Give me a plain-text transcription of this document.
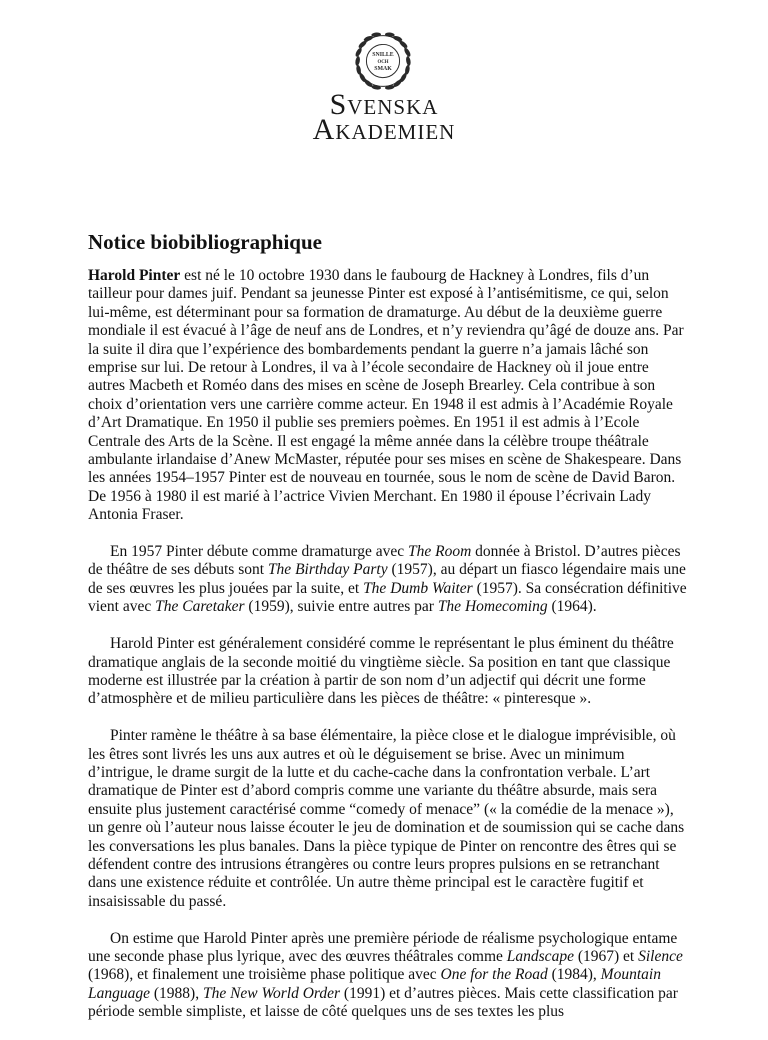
SNILLE
OCH
SMAK
Svenska
Akademien
Notice biobibliographique

Harold Pinter est né le 10 octobre 1930 dans le faubourg de Hackney à Londres, fils d’un tailleur pour dames juif. Pendant sa jeunesse Pinter est exposé à l’antisémitisme, ce qui, selon lui-même, est déterminant pour sa formation de dramaturge. Au début de la deuxième guerre mondiale il est évacué à l’âge de neuf ans de Londres, et n’y reviendra qu’âgé de douze ans. Par la suite il dira que l’expérience des bombardements pendant la guerre n’a jamais lâché son emprise sur lui. De retour à Londres, il va à l’école secondaire de Hackney où il joue entre autres Macbeth et Roméo dans des mises en scène de Joseph Brearley. Cela contribue à son choix d’orientation vers une carrière comme acteur. En 1948 il est admis à l’Académie Royale d’Art Dramatique. En 1950 il publie ses premiers poèmes. En 1951 il est admis à l’Ecole Centrale des Arts de la Scène. Il est engagé la même année dans la célèbre troupe théâtrale ambulante irlandaise d’Anew McMaster, réputée pour ses mises en scène de Shakespeare. Dans les années 1954–1957 Pinter est de nouveau en tournée, sous le nom de scène de David Baron. De 1956 à 1980 il est marié à l’actrice Vivien Merchant. En 1980 il épouse l’écrivain Lady Antonia Fraser.

En 1957 Pinter débute comme dramaturge avec The Room donnée à Bristol. D’autres pièces de théâtre de ses débuts sont The Birthday Party (1957), au départ un fiasco légendaire mais une de ses œuvres les plus jouées par la suite, et The Dumb Waiter (1957). Sa consécration définitive vient avec The Caretaker (1959), suivie entre autres par The Homecoming (1964).

Harold Pinter est généralement considéré comme le représentant le plus éminent du théâtre dramatique anglais de la seconde moitié du vingtième siècle. Sa position en tant que classique moderne est illustrée par la création à partir de son nom d’un adjectif qui décrit une forme d’atmosphère et de milieu particulière dans les pièces de théâtre: « pinteresque ».

Pinter ramène le théâtre à sa base élémentaire, la pièce close et le dialogue imprévisible, où les êtres sont livrés les uns aux autres et où le déguisement se brise. Avec un minimum d’intrigue, le drame surgit de la lutte et du cache-cache dans la confrontation verbale. L’art dramatique de Pinter est d’abord compris comme une variante du théâtre absurde, mais sera ensuite plus justement caractérisé comme “comedy of menace” (« la comédie de la menace »), un genre où l’auteur nous laisse écouter le jeu de domination et de soumission qui se cache dans les conversations les plus banales. Dans la pièce typique de Pinter on rencontre des êtres qui se défendent contre des intrusions étrangères ou contre leurs propres pulsions en se retranchant dans une existence réduite et contrôlée. Un autre thème principal est le caractère fugitif et insaisissable du passé.

On estime que Harold Pinter après une première période de réalisme psychologique entame une seconde phase plus lyrique, avec des œuvres théâtrales comme Landscape (1967) et Silence (1968), et finalement une troisième phase politique avec One for the Road (1984), Mountain Language (1988), The New World Order (1991) et d’autres pièces. Mais cette classification par période semble simpliste, et laisse de côté quelques uns de ses textes les plus
